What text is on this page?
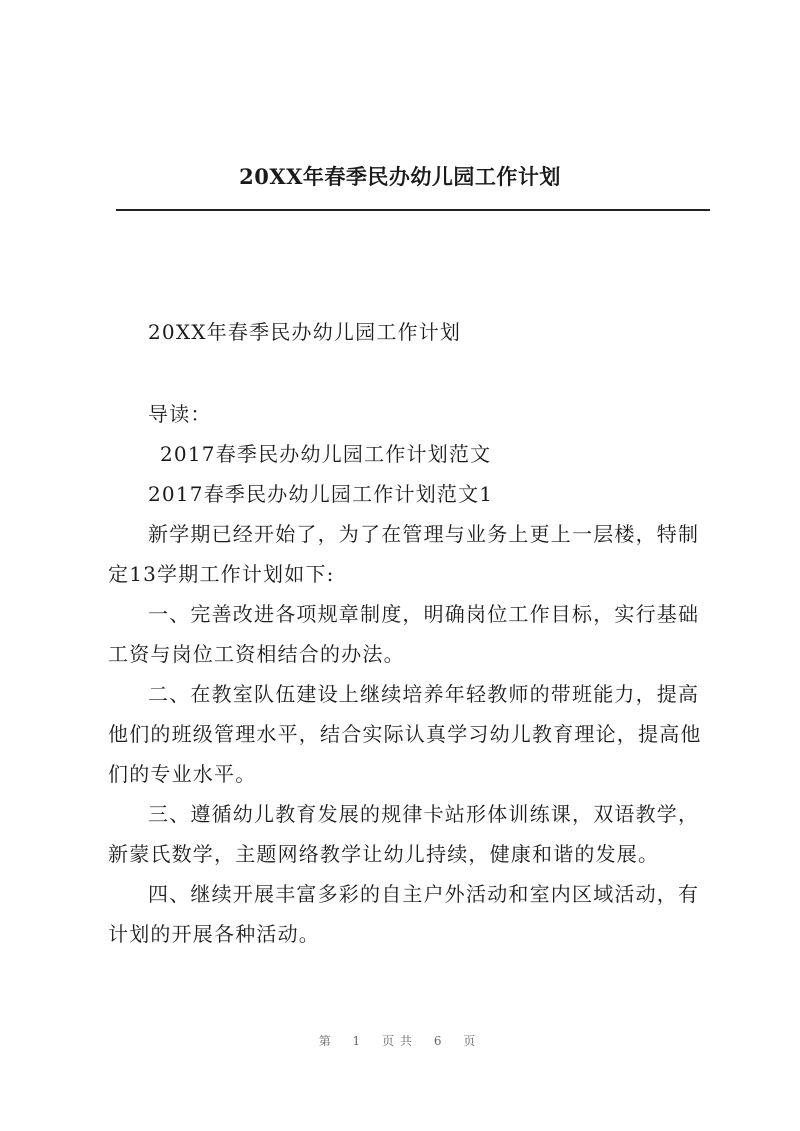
20XX年春季民办幼儿园工作计划

20XX年春季民办幼儿园工作计划

导读：

2017春季民办幼儿园工作计划范文

2017春季民办幼儿园工作计划范文1

新学期已经开始了，为了在管理与业务上更上一层楼，特制定13学期工作计划如下:

一、完善改进各项规章制度，明确岗位工作目标，实行基础工资与岗位工资相结合的办法。

二、在教室队伍建设上继续培养年轻教师的带班能力，提高他们的班级管理水平，结合实际认真学习幼儿教育理论，提高他们的专业水平。

三、遵循幼儿教育发展的规律卡站形体训练课，双语教学，新蒙氏数学，主题网络教学让幼儿持续，健康和谐的发展。

四、继续开展丰富多彩的自主户外活动和室内区域活动，有计划的开展各种活动。

第 1 页共 6 页
